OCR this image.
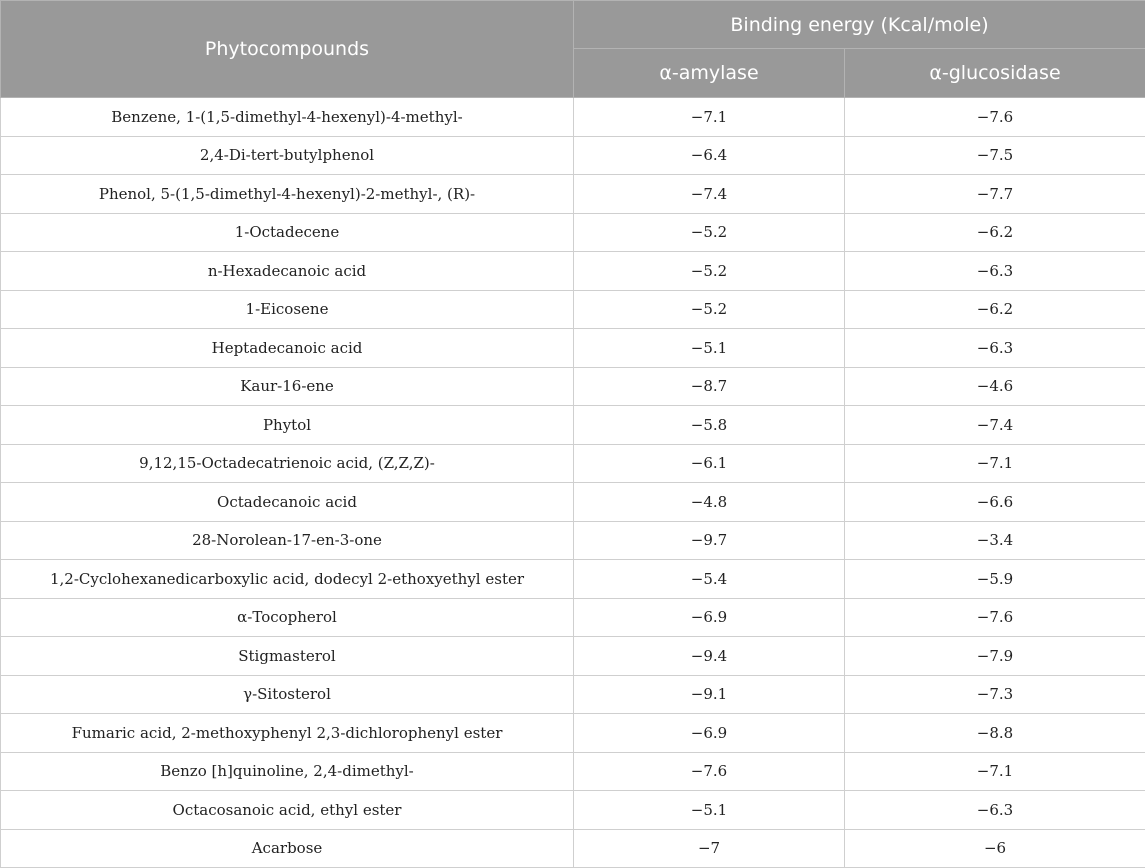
Phytocompounds	Binding energy (Kcal/mole)	
	α-amylase	α-glucosidase
Benzene, 1-(1,5-dimethyl-4-hexenyl)-4-methyl-	−7.1	−7.6
2,4-Di-tert-butylphenol	−6.4	−7.5
Phenol, 5-(1,5-dimethyl-4-hexenyl)-2-methyl-, (R)-	−7.4	−7.7
1-Octadecene	−5.2	−6.2
n-Hexadecanoic acid	−5.2	−6.3
1-Eicosene	−5.2	−6.2
Heptadecanoic acid	−5.1	−6.3
Kaur-16-ene	−8.7	−4.6
Phytol	−5.8	−7.4
9,12,15-Octadecatrienoic acid, (Z,Z,Z)-	−6.1	−7.1
Octadecanoic acid	−4.8	−6.6
28-Norolean-17-en-3-one	−9.7	−3.4
1,2-Cyclohexanedicarboxylic acid, dodecyl 2-ethoxyethyl ester	−5.4	−5.9
α-Tocopherol	−6.9	−7.6
Stigmasterol	−9.4	−7.9
γ-Sitosterol	−9.1	−7.3
Fumaric acid, 2-methoxyphenyl 2,3-dichlorophenyl ester	−6.9	−8.8
Benzo [h]quinoline, 2,4-dimethyl-	−7.6	−7.1
Octacosanoic acid, ethyl ester	−5.1	−6.3
Acarbose	−7	−6
